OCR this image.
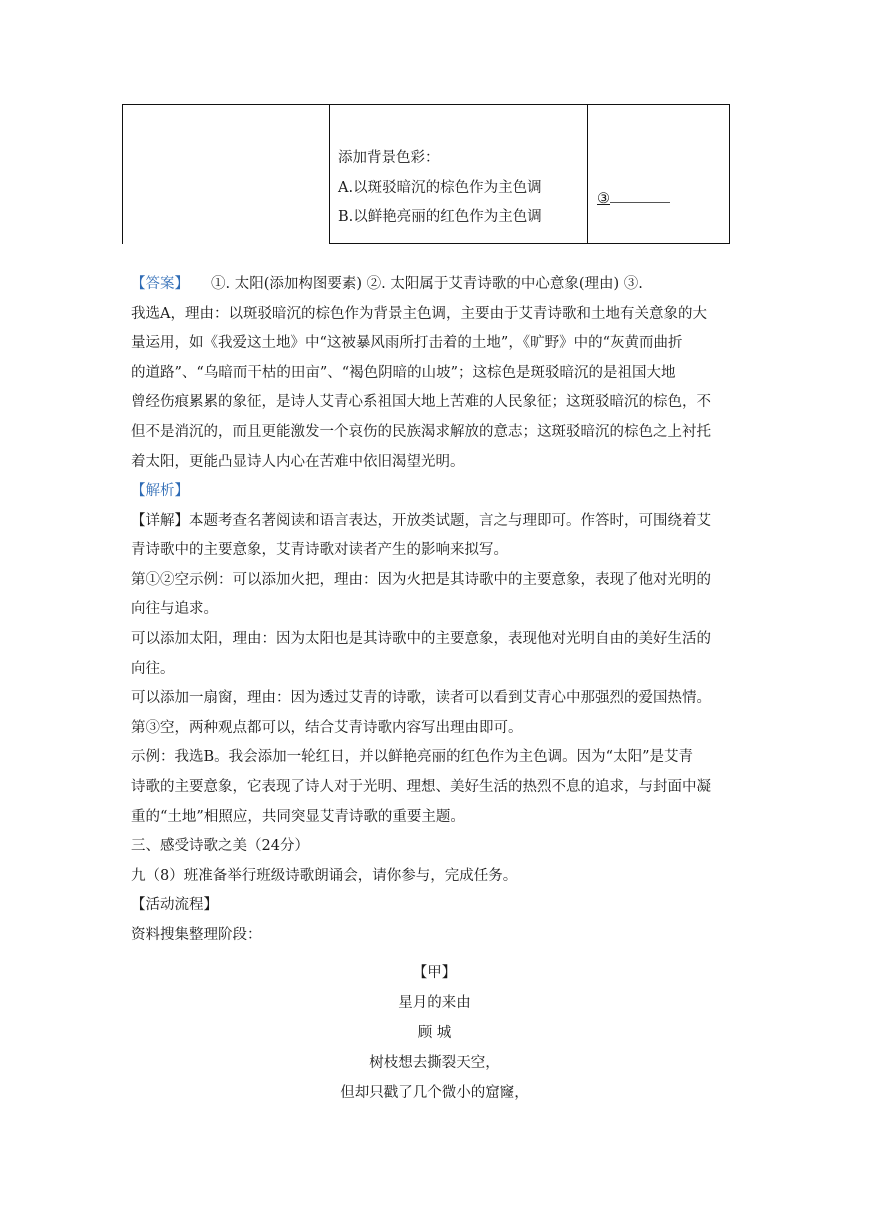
添加背景色彩：
A.以斑驳暗沉的棕色作为主色调
B.以鲜艳亮丽的红色作为主色调
③
【答案】 ①. 太阳(添加构图要素) ②. 太阳属于艾青诗歌的中心意象(理由) ③.
我选A，理由：以斑驳暗沉的棕色作为背景主色调，主要由于艾青诗歌和土地有关意象的大
量运用，如《我爱这土地》中“这被暴风雨所打击着的土地”，《旷野》中的“灰黄而曲折
的道路”、“乌暗而干枯的田亩”、“褐色阴暗的山坡”；这棕色是斑驳暗沉的是祖国大地
曾经伤痕累累的象征，是诗人艾青心系祖国大地上苦难的人民象征；这斑驳暗沉的棕色，不
但不是消沉的，而且更能激发一个哀伤的民族渴求解放的意志；这斑驳暗沉的棕色之上衬托
着太阳，更能凸显诗人内心在苦难中依旧渴望光明。
【解析】
【详解】本题考查名著阅读和语言表达，开放类试题，言之与理即可。作答时，可围绕着艾
青诗歌中的主要意象，艾青诗歌对读者产生的影响来拟写。
第①②空示例：可以添加火把，理由：因为火把是其诗歌中的主要意象，表现了他对光明的
向往与追求。
可以添加太阳，理由：因为太阳也是其诗歌中的主要意象，表现他对光明自由的美好生活的
向往。
可以添加一扇窗，理由：因为透过艾青的诗歌，读者可以看到艾青心中那强烈的爱国热情。
第③空，两种观点都可以，结合艾青诗歌内容写出理由即可。
示例：我选B。我会添加一轮红日，并以鲜艳亮丽的红色作为主色调。因为“太阳”是艾青
诗歌的主要意象，它表现了诗人对于光明、理想、美好生活的热烈不息的追求，与封面中凝
重的“土地”相照应，共同突显艾青诗歌的重要主题。
三、感受诗歌之美（24分）
九（8）班准备举行班级诗歌朗诵会，请你参与，完成任务。
【活动流程】
资料搜集整理阶段：
【甲】
星月的来由
顾 城
树枝想去撕裂天空，
但却只戳了几个微小的窟窿，
